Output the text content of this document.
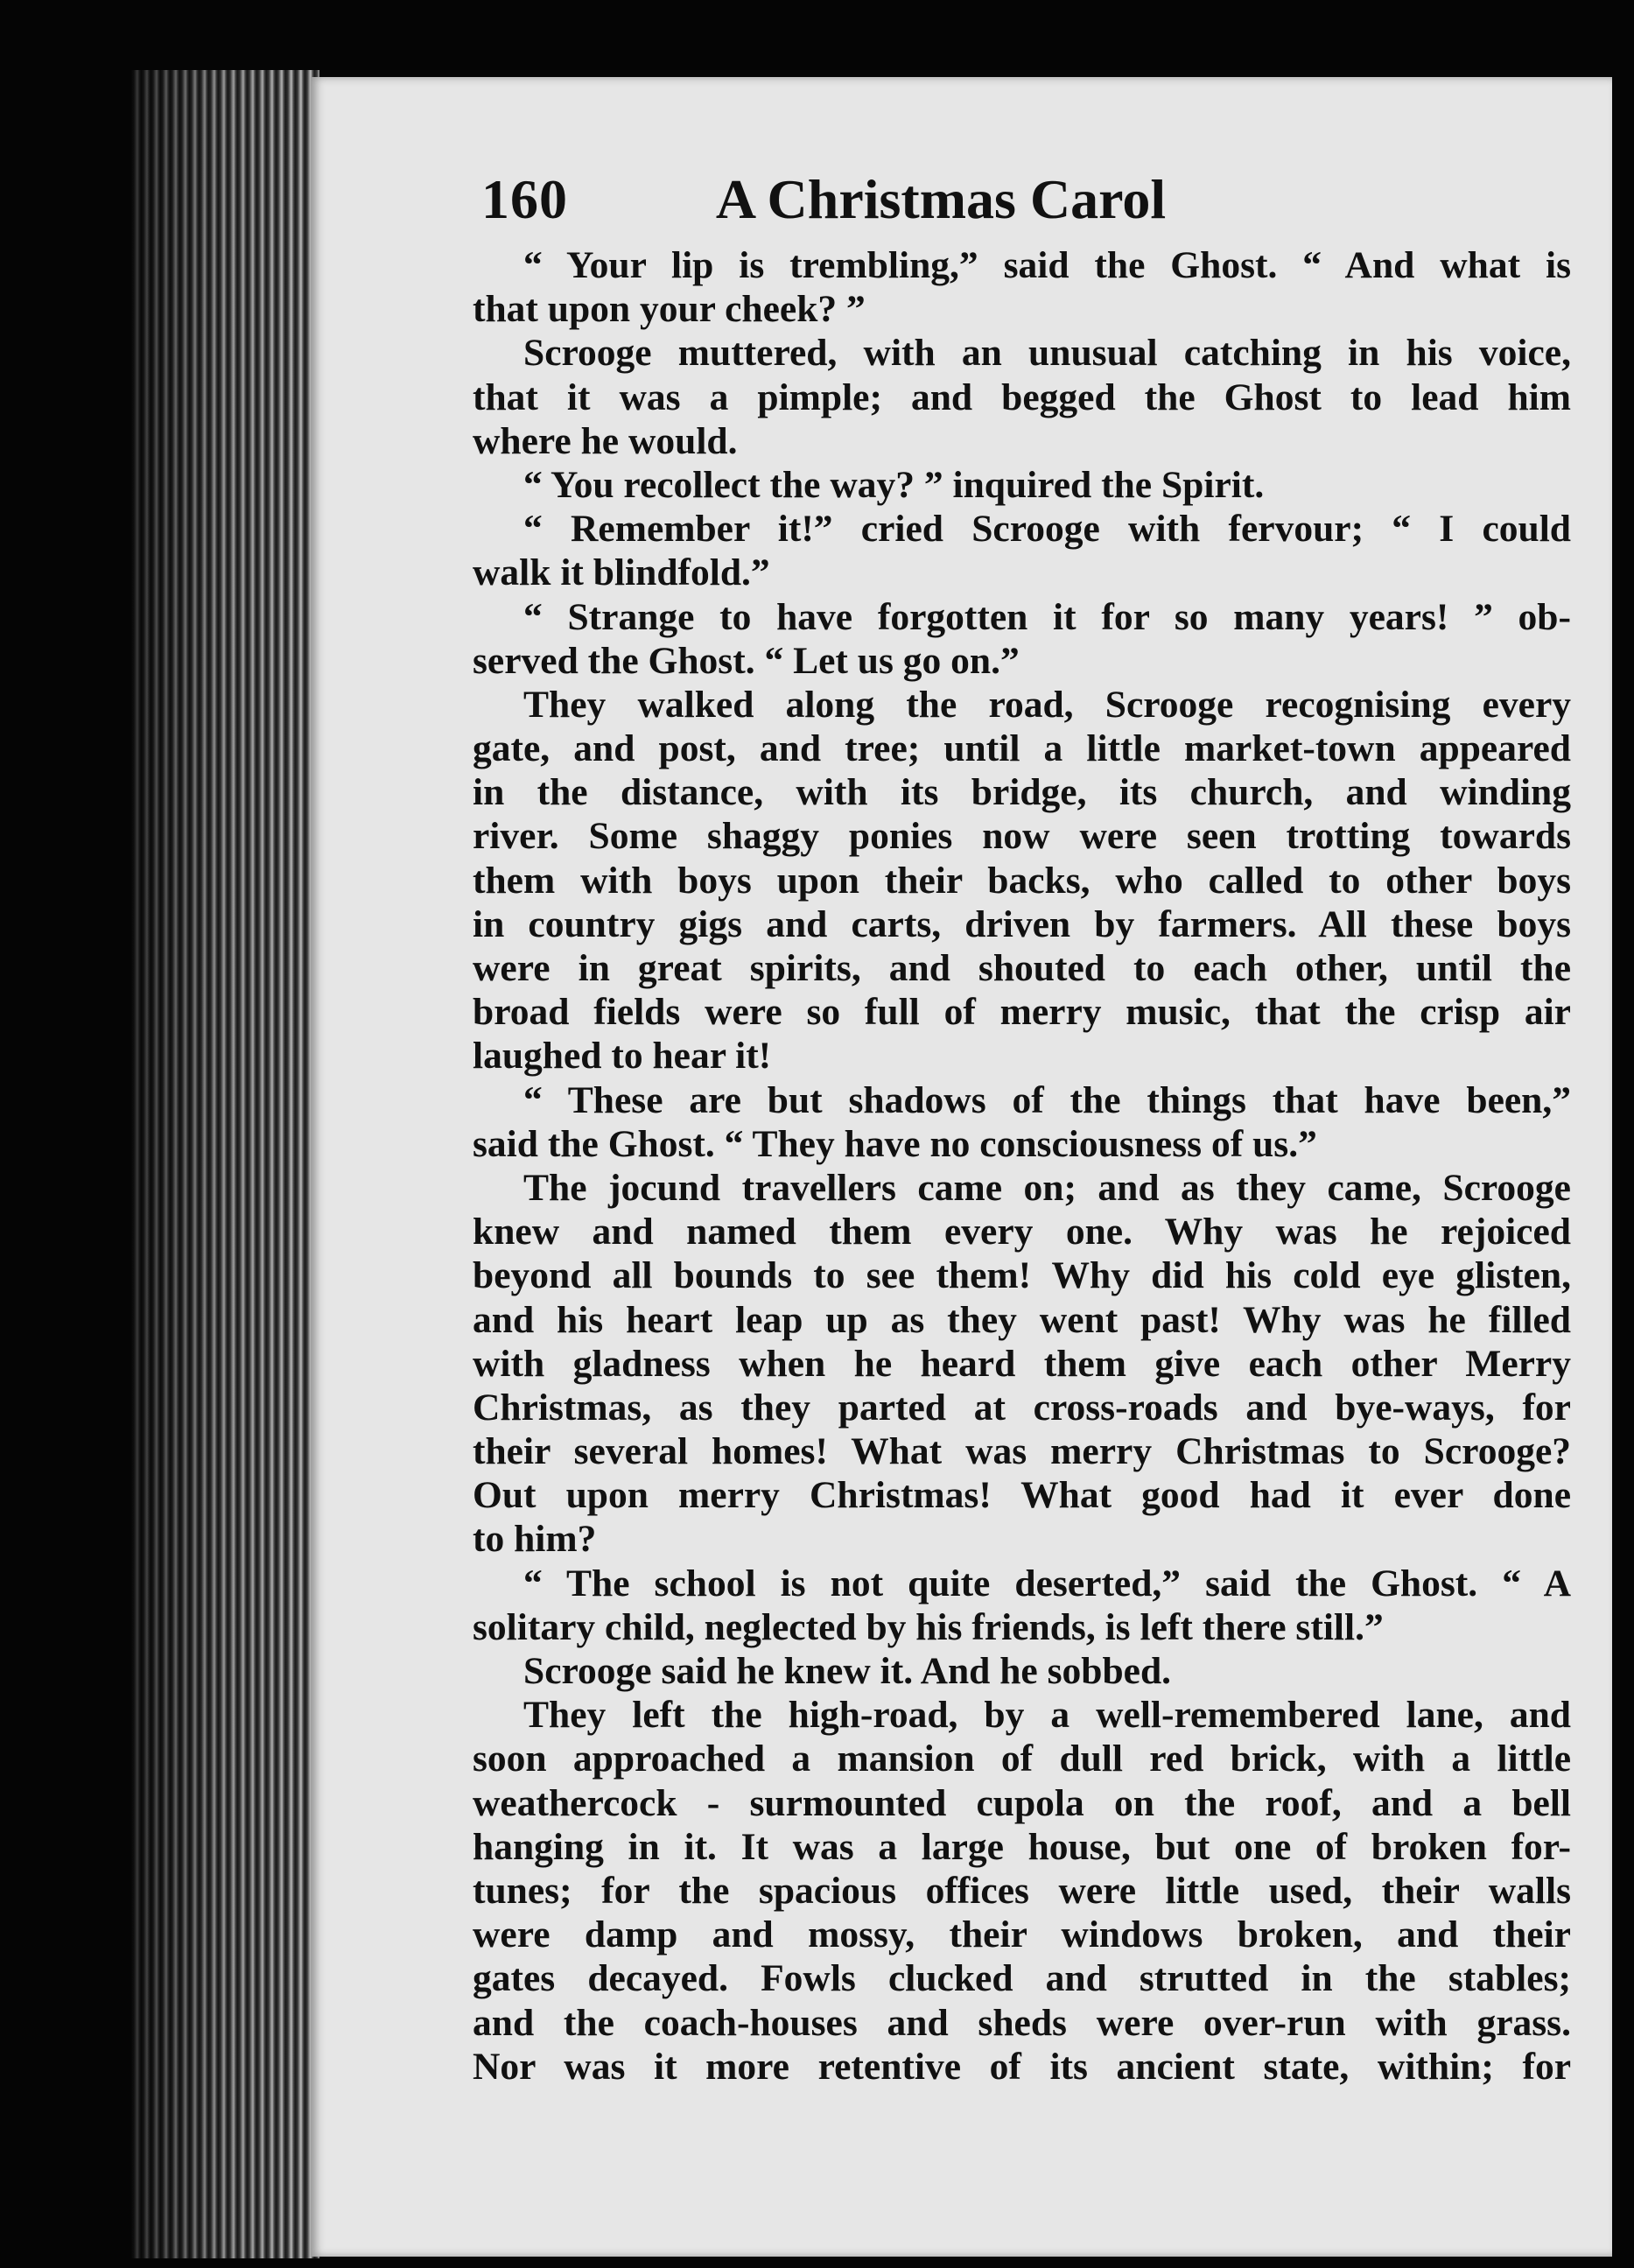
160	A Christmas Carol
“ Your lip is trembling,” said the Ghost. “ And what is
that upon your cheek? ”
Scrooge muttered, with an unusual catching in his voice,
that it was a pimple; and begged the Ghost to lead him
where he would.
“ You recollect the way? ” inquired the Spirit.
“ Remember it!” cried Scrooge with fervour; “ I could
walk it blindfold.”
“ Strange to have forgotten it for so many years! ” ob-
served the Ghost. “ Let us go on.”
They walked along the road, Scrooge recognising every
gate, and post, and tree; until a little market-town appeared
in the distance, with its bridge, its church, and winding
river. Some shaggy ponies now were seen trotting towards
them with boys upon their backs, who called to other boys
in country gigs and carts, driven by farmers. All these boys
were in great spirits, and shouted to each other, until the
broad fields were so full of merry music, that the crisp air
laughed to hear it!
“ These are but shadows of the things that have been,”
said the Ghost. “ They have no consciousness of us.”
The jocund travellers came on; and as they came, Scrooge
knew and named them every one. Why was he rejoiced
beyond all bounds to see them! Why did his cold eye glisten,
and his heart leap up as they went past! Why was he filled
with gladness when he heard them give each other Merry
Christmas, as they parted at cross-roads and bye-ways, for
their several homes! What was merry Christmas to Scrooge?
Out upon merry Christmas! What good had it ever done
to him?
“ The school is not quite deserted,” said the Ghost. “ A
solitary child, neglected by his friends, is left there still.”
Scrooge said he knew it. And he sobbed.
They left the high-road, by a well-remembered lane, and
soon approached a mansion of dull red brick, with a little
weathercock - surmounted cupola on the roof, and a bell
hanging in it. It was a large house, but one of broken for-
tunes; for the spacious offices were little used, their walls
were damp and mossy, their windows broken, and their
gates decayed. Fowls clucked and strutted in the stables;
and the coach-houses and sheds were over-run with grass.
Nor was it more retentive of its ancient state, within; for
